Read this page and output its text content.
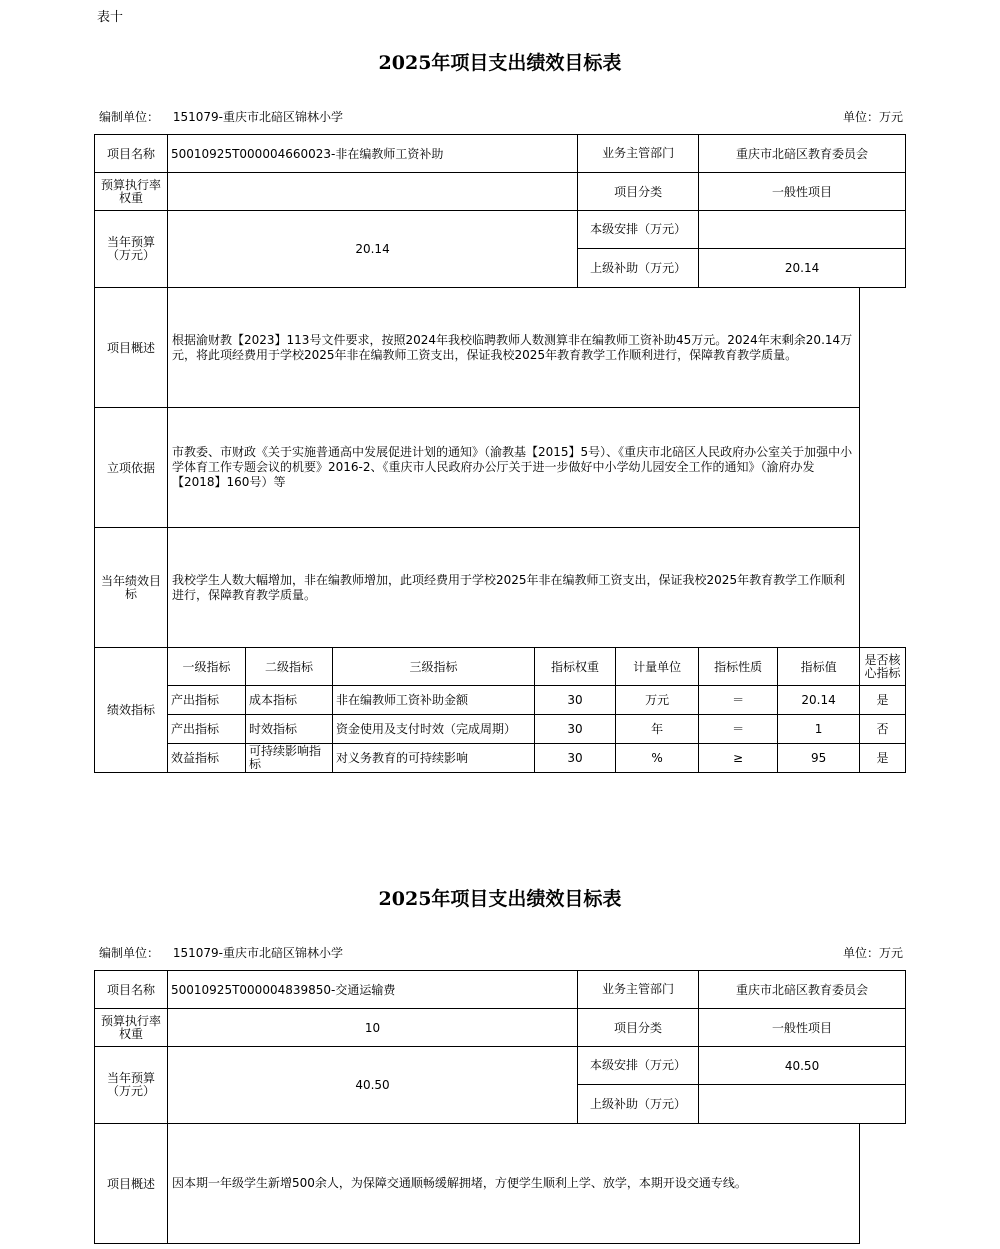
表十
2025年项目支出绩效目标表
编制单位： 151079-重庆市北碚区锦林小学	单位：万元
项目名称	50010925T000004660023-非在编教师工资补助				业务主管部门		重庆市北碚区教育委员会		
预算执行率权重					项目分类		一般性项目		
当年预算（万元）	20.14				本级安排（万元）				
					上级补助（万元）		20.14		
项目概述	根据渝财教【2023】113号文件要求，按照2024年我校临聘教师人数测算非在编教师工资补助45万元。2024年末剩余20.14万元，将此项经费用于学校2025年非在编教师工资支出，保证我校2025年教育教学工作顺利进行，保障教育教学质量。								
立项依据	市教委、市财政《关于实施普通高中发展促进计划的通知》（渝教基【2015】5号）、《重庆市北碚区人民政府办公室关于加强中小学体育工作专题会议的机要》2016-2、《重庆市人民政府办公厅关于进一步做好中小学幼儿园安全工作的通知》（渝府办发【2018】160号）等								
当年绩效目标	我校学生人数大幅增加，非在编教师增加，此项经费用于学校2025年非在编教师工资支出，保证我校2025年教育教学工作顺利进行，保障教育教学质量。								
绩效指标	一级指标	二级指标	三级指标	指标权重		计量单位	指标性质	指标值	是否核心指标
	产出指标	成本指标	非在编教师工资补助金额	30		万元	＝	20.14	是
	产出指标	时效指标	资金使用及支付时效（完成周期）	30		年	＝	1	否
	效益指标	可持续影响指标	对义务教育的可持续影响	30		%	≥	95	是
2025年项目支出绩效目标表
编制单位： 151079-重庆市北碚区锦林小学	单位：万元
项目名称	50010925T000004839850-交通运输费	业务主管部门	重庆市北碚区教育委员会
预算执行率权重	10	项目分类	一般性项目
当年预算（万元）	40.50	本级安排（万元）	40.50
		上级补助（万元）	
项目概述	因本期一年级学生新增500余人，为保障交通顺畅缓解拥堵，方便学生顺利上学、放学，本期开设交通专线。		
